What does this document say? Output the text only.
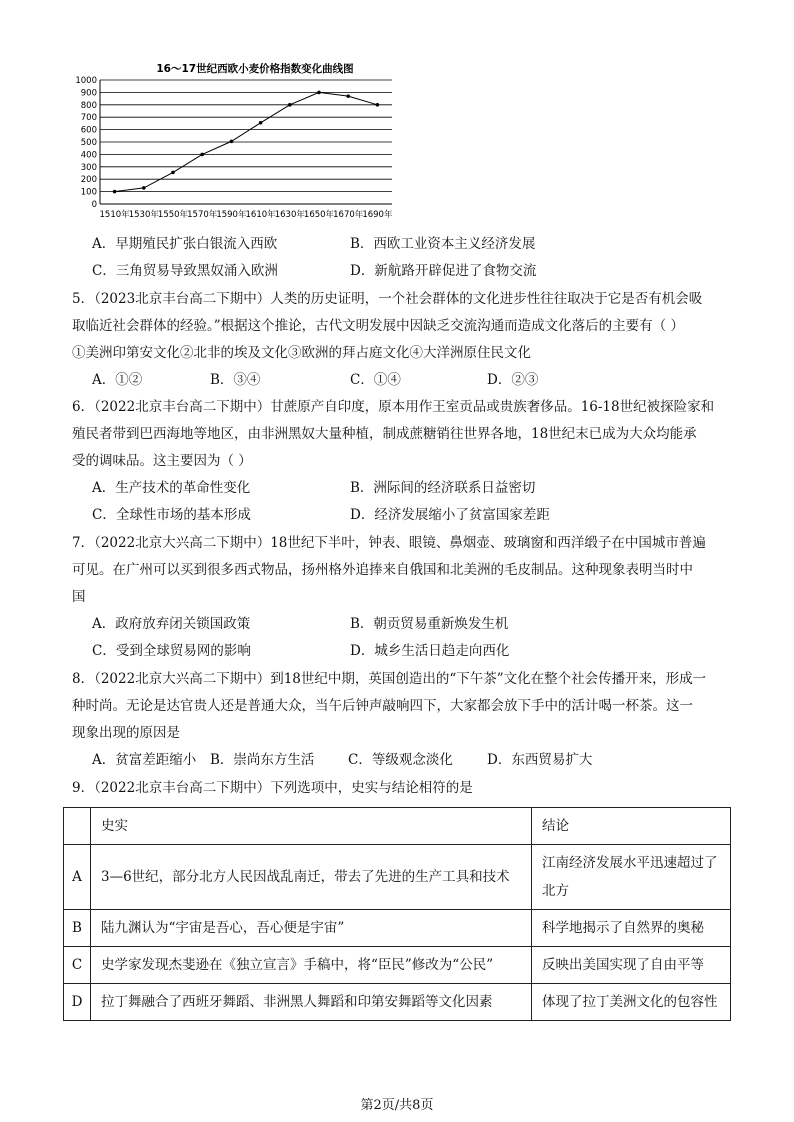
16～17世纪西欧小麦价格指数变化曲线图
0
100
200
300
400
500
600
700
800
900
1000
1510年 1530年 1550年 1570年 1590年 1610年 1630年 1650年 1670年 1690年
A．早期殖民扩张白银流入西欧	B．西欧工业资本主义经济发展
C．三角贸易导致黑奴涌入欧洲	D．新航路开辟促进了食物交流
5．（2023北京丰台高二下期中）人类的历史证明，一个社会群体的文化进步性往往取决于它是否有机会吸
取临近社会群体的经验。”根据这个推论，古代文明发展中因缺乏交流沟通而造成文化落后的主要有（ ）
①美洲印第安文化②北非的埃及文化③欧洲的拜占庭文化④大洋洲原住民文化
A．①②	B．③④	C．①④	D．②③
6．（2022北京丰台高二下期中）甘蔗原产自印度，原本用作王室贡品或贵族奢侈品。16-18世纪被探险家和
殖民者带到巴西海地等地区，由非洲黑奴大量种植，制成蔗糖销往世界各地，18世纪末已成为大众均能承
受的调味品。这主要因为（ ）
A．生产技术的革命性变化	B．洲际间的经济联系日益密切
C．全球性市场的基本形成	D．经济发展缩小了贫富国家差距
7．（2022北京大兴高二下期中）18世纪下半叶，钟表、眼镜、鼻烟壶、玻璃窗和西洋缎子在中国城市普遍
可见。在广州可以买到很多西式物品，扬州格外追捧来自俄国和北美洲的毛皮制品。这种现象表明当时中
国
A．政府放弃闭关锁国政策	B．朝贡贸易重新焕发生机
C．受到全球贸易网的影响	D．城乡生活日趋走向西化
8．（2022北京大兴高二下期中）到18世纪中期，英国创造出的“下午茶”文化在整个社会传播开来，形成一
种时尚。无论是达官贵人还是普通大众，当午后钟声敲响四下，大家都会放下手中的活计喝一杯茶。这一
现象出现的原因是
A．贫富差距缩小 B．崇尚东方生活 C．等级观念淡化	D．东西贸易扩大
9．（2022北京丰台高二下期中）下列选项中，史实与结论相符的是
	史实	结论
A	3—6世纪，部分北方人民因战乱南迁，带去了先进的生产工具和技术	江南经济发展水平迅速超过了北方
B	陆九渊认为“宇宙是吾心，吾心便是宇宙”	科学地揭示了自然界的奥秘
C	史学家发现杰斐逊在《独立宣言》手稿中，将“臣民”修改为“公民”	反映出美国实现了自由平等
D	拉丁舞融合了西班牙舞蹈、非洲黑人舞蹈和印第安舞蹈等文化因素	体现了拉丁美洲文化的包容性
第2页/共8页
